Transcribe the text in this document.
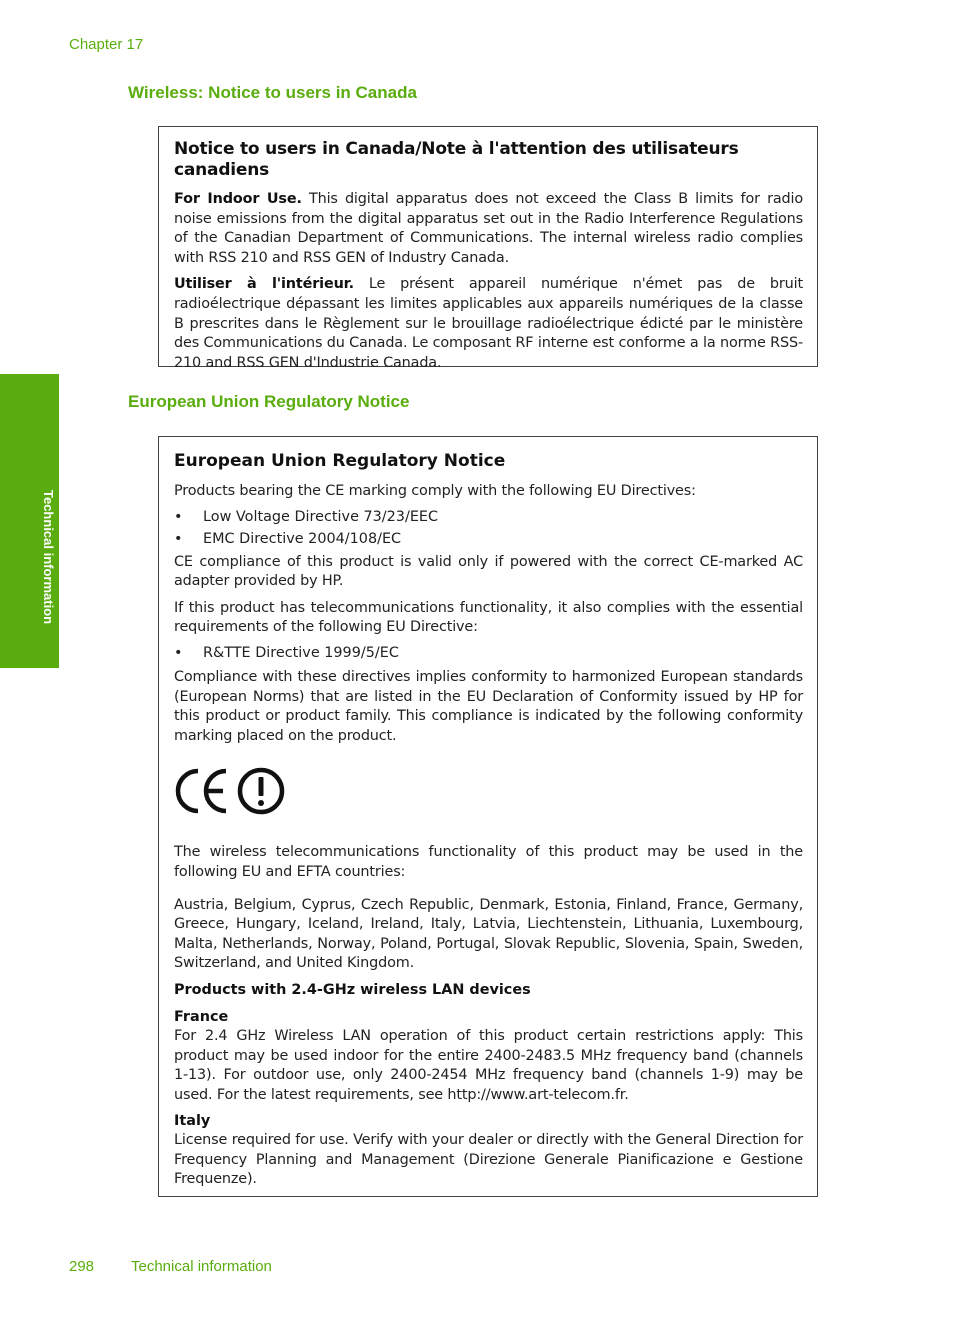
Chapter 17
Technical information
Wireless: Notice to users in Canada
Notice to users in Canada/Note à l'attention des utilisateurs canadiens

For Indoor Use. This digital apparatus does not exceed the Class B limits for radio noise emissions from the digital apparatus set out in the Radio Interference Regulations of the Canadian Department of Communications. The internal wireless radio complies with RSS 210 and RSS GEN of Industry Canada.

Utiliser à l'intérieur. Le présent appareil numérique n'émet pas de bruit radioélectrique dépassant les limites applicables aux appareils numériques de la classe B prescrites dans le Règlement sur le brouillage radioélectrique édicté par le ministère des Communications du Canada. Le composant RF interne est conforme a la norme RSS-210 and RSS GEN d'Industrie Canada.

European Union Regulatory Notice
European Union Regulatory Notice

Products bearing the CE marking comply with the following EU Directives:

• Low Voltage Directive 73/23/EEC
• EMC Directive 2004/108/EC

CE compliance of this product is valid only if powered with the correct CE-marked AC adapter provided by HP.

If this product has telecommunications functionality, it also complies with the essential requirements of the following EU Directive:

• R&TTE Directive 1999/5/EC

Compliance with these directives implies conformity to harmonized European standards (European Norms) that are listed in the EU Declaration of Conformity issued by HP for this product or product family. This compliance is indicated by the following conformity marking placed on the product.

The wireless telecommunications functionality of this product may be used in the following EU and EFTA countries:

Austria, Belgium, Cyprus, Czech Republic, Denmark, Estonia, Finland, France, Germany, Greece, Hungary, Iceland, Ireland, Italy, Latvia, Liechtenstein, Lithuania, Luxembourg, Malta, Netherlands, Norway, Poland, Portugal, Slovak Republic, Slovenia, Spain, Sweden, Switzerland, and United Kingdom.

Products with 2.4-GHz wireless LAN devices
France

For 2.4 GHz Wireless LAN operation of this product certain restrictions apply: This product may be used indoor for the entire 2400-2483.5 MHz frequency band (channels 1-13). For outdoor use, only 2400-2454 MHz frequency band (channels 1-9) may be used. For the latest requirements, see http://www.art-telecom.fr.

Italy

License required for use. Verify with your dealer or directly with the General Direction for Frequency Planning and Management (Direzione Generale Pianificazione e Gestione Frequenze).

298 Technical information
